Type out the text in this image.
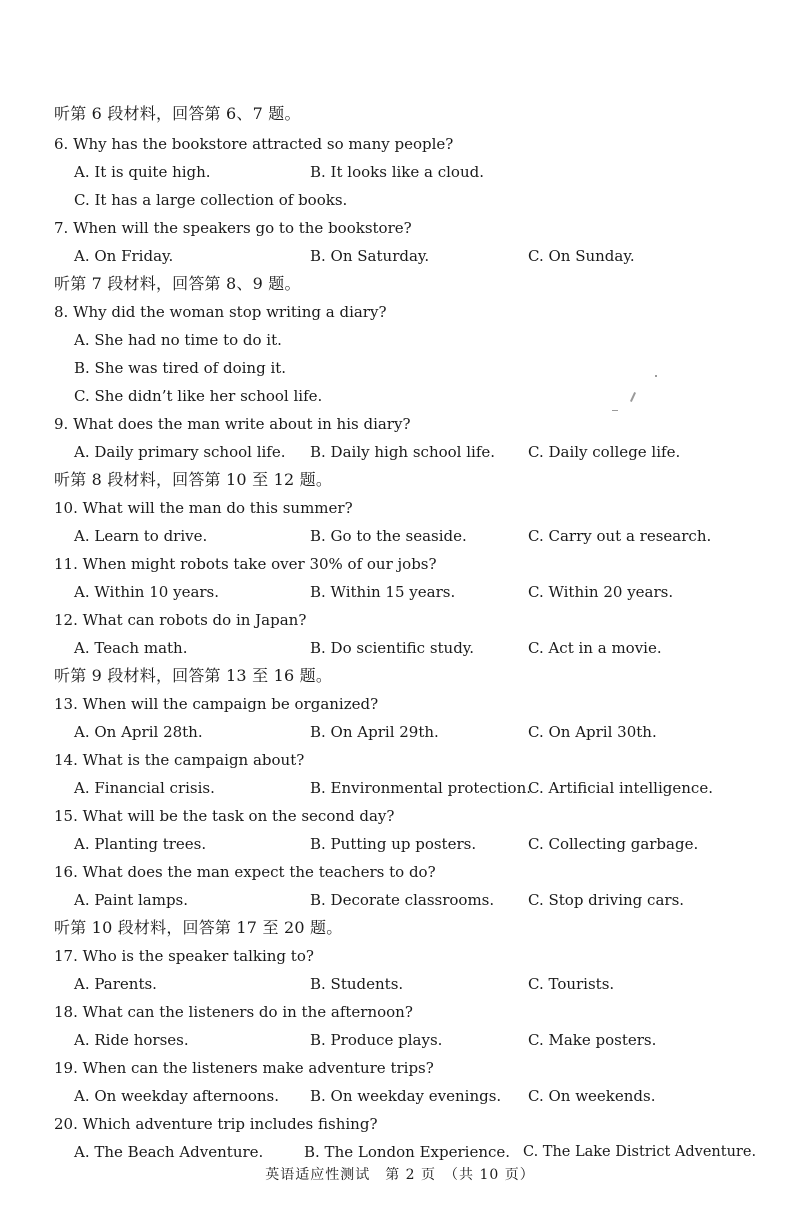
听第 6 段材料，回答第 6、7 题。
6. Why has the bookstore attracted so many people?
A. It is quite high.	B. It looks like a cloud.
C. It has a large collection of books.
7. When will the speakers go to the bookstore?
A. On Friday.	B. On Saturday.	C. On Sunday.
听第 7 段材料，回答第 8、9 题。
8. Why did the woman stop writing a diary?
A. She had no time to do it.
B. She was tired of doing it.
C. She didn’t like her school life.
9. What does the man write about in his diary?
A. Daily primary school life. B. Daily high school life. C. Daily college life.
听第 8 段材料，回答第 10 至 12 题。
10. What will the man do this summer?
A. Learn to drive.	B. Go to the seaside.	C. Carry out a research.
11. When might robots take over 30% of our jobs?
A. Within 10 years.	B. Within 15 years.	C. Within 20 years.
12. What can robots do in Japan?
A. Teach math.	B. Do scientific study.	C. Act in a movie.
听第 9 段材料，回答第 13 至 16 题。
13. When will the campaign be organized?
A. On April 28th.	B. On April 29th.	C. On April 30th.
14. What is the campaign about?
A. Financial crisis.	B. Environmental protection.
C. Artificial intelligence.
15. What will be the task on the second day?
A. Planting trees.	B. Putting up posters.	C. Collecting garbage.
16. What does the man expect the teachers to do?
A. Paint lamps.	B. Decorate classrooms. C. Stop driving cars.
听第 10 段材料，回答第 17 至 20 题。
17. Who is the speaker talking to?
A. Parents.	B. Students.	C. Tourists.
18. What can the listeners do in the afternoon?
A. Ride horses.	B. Produce plays.	C. Make posters.
19. When can the listeners make adventure trips?
A. On weekday afternoons. B. On weekday evenings. C. On weekends.
20. Which adventure trip includes fishing?
A. The Beach Adventure.	B. The London Experience. C. The Lake District Adventure.
英语适应性测试　第 2 页　（共 10 页）
